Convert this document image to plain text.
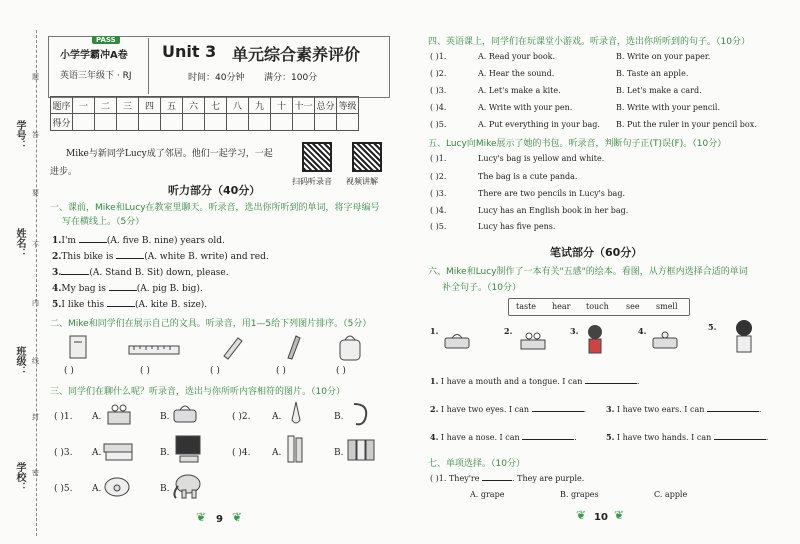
学号：
姓名：
班级：
学校：
题
答
要
不
内
线
封
密
PASS
小学学霸冲A卷
英语三年级下 · RJ
Unit 3 单元综合素养评价
时间：40分钟 满分：100分
题序	一	二	三	四	五	六	七	八	九	十	十一	总分	等级
得分													
Mike与新同学Lucy成了邻居。他们一起学习，一起
进步。
扫码听录音 视频讲解
听力部分（40分）
一、课前，Mike和Lucy在教室里聊天。听录音，选出你所听到的单词，将字母编号
写在横线上。（5分）
1.I'm	(A. five B. nine) years old.
2.This bike is	(A. white B. write) and red.
3.	(A. Stand B. Sit) down, please.
4.My bag is	(A. pig B. big).
5.I like this	(A. kite B. size).
二、Mike和同学们在展示自己的文具。听录音，用1—5给下列图片排序。（5分）
( )	( )	( )	( )	( )
三、同学们在聊什么呢？听录音，选出与你所听内容相符的图片。（10分）
( )1. A.	B.	( )2. A.	B.
( )3. A.	B.	( )4. A.	B.
( )5. A.	B.
❦ 9 ❦
四、英语课上，同学们在玩课堂小游戏。听录音，选出你所听到的句子。（10分）
( )1.	A. Read your book.	B. Write on your paper.
( )2.	A. Hear the sound.	B. Taste an apple.
( )3.	A. Let's make a kite.	B. Let's make a card.
( )4.	A. Write with your pen.	B. Write with your pencil.
( )5.	A. Put everything in your bag. B. Put the ruler in your pencil box.
五、Lucy向Mike展示了她的书包。听录音，判断句子正(T)误(F)。（10分）
( )1.	Lucy's bag is yellow and white.
( )2.	The bag is a cute panda.
( )3.	There are two pencils in Lucy's bag.
( )4.	Lucy has an English book in her bag.
( )5.	Lucy has five pens.
笔试部分（60分）
六、Mike和Lucy制作了一本有关"五感"的绘本。看图，从方框内选择合适的单词
补全句子。（10分）
taste hear touch see smell
1.	2.	3.	4.	5.
1. I have a mouth and a tongue. I can	.
2. I have two eyes. I can	. 3. I have two ears. I can	.
4. I have a nose. I can	.	5. I have two hands. I can	.
七、单项选择。（10分）
( )1. They're	. They are purple.
A. grape	B. grapes	C. apple
❦ 10 ❦
